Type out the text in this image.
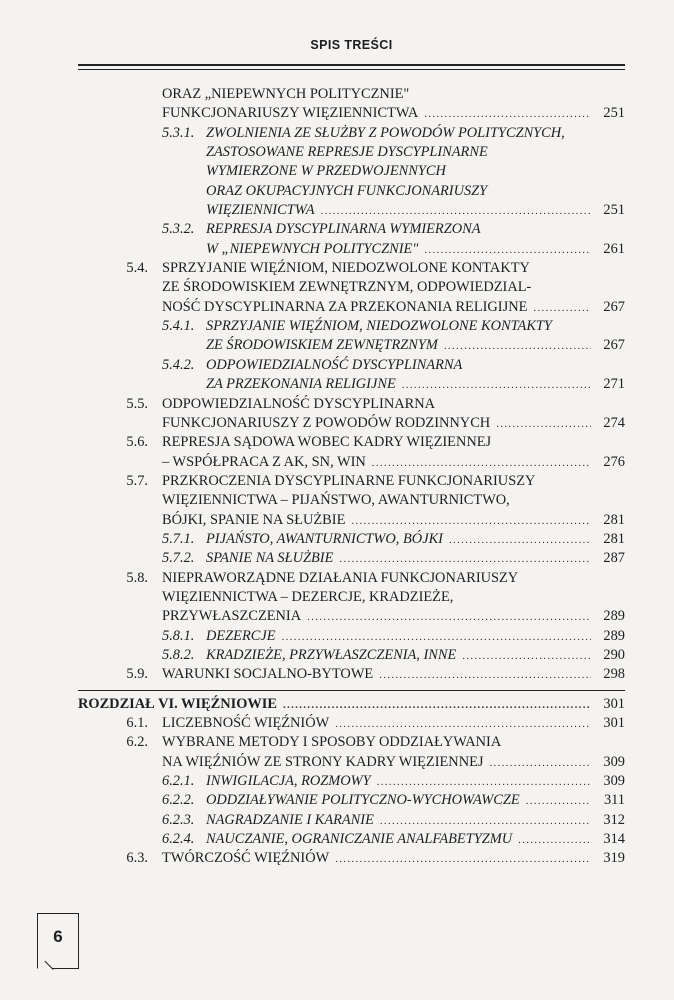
SPIS TREŚCI
ORAZ „NIEPEWNYCH POLITYCZNIE"
FUNKCJONARIUSZY WIĘZIENNICTWA .....	251
5.3.1. ZWOLNIENIA ZE SŁUŻBY Z POWODÓW POLITYCZNYCH,
ZASTOSOWANE REPRESJE DYSCYPLINARNE
WYMIERZONE W PRZEDWOJENNYCH
ORAZ OKUPACYJNYCH FUNKCJONARIUSZY
WIĘZIENNICTWA .....	251
5.3.2. REPRESJA DYSCYPLINARNA WYMIERZONA
W „NIEPEWNYCH POLITYCZNIE" .....	261
5.4. SPRZYJANIE WIĘŹNIOM, NIEDOZWOLONE KONTAKTY
ZE ŚRODOWISKIEM ZEWNĘTRZNYM, ODPOWIEDZIAL-
NOŚĆ DYSCYPLINARNA ZA PRZEKONANIA RELIGIJNE .....	267
5.4.1. SPRZYJANIE WIĘŹNIOM, NIEDOZWOLONE KONTAKTY
ZE ŚRODOWISKIEM ZEWNĘTRZNYM .....	267
5.4.2. ODPOWIEDZIALNOŚĆ DYSCYPLINARNA
ZA PRZEKONANIA RELIGIJNE .....	271
5.5. ODPOWIEDZIALNOŚĆ DYSCYPLINARNA
FUNKCJONARIUSZY Z POWODÓW RODZINNYCH .....	274
5.6. REPRESJA SĄDOWA WOBEC KADRY WIĘZIENNEJ
– WSPÓŁPRACA Z AK, SN, WIN .....	276
5.7. PRZKROCZENIA DYSCYPLINARNE FUNKCJONARIUSZY
WIĘZIENNICTWA – PIJAŃSTWO, AWANTURNICTWO,
BÓJKI, SPANIE NA SŁUŻBIE .....	281
5.7.1. PIJAŃSTO, AWANTURNICTWO, BÓJKI .....	281
5.7.2. SPANIE NA SŁUŻBIE .....	287
5.8. NIEPRAWORZĄDNE DZIAŁANIA FUNKCJONARIUSZY
WIĘZIENNICTWA – DEZERCJE, KRADZIEŻE,
PRZYWŁASZCZENIA .....	289
5.8.1. DEZERCJE .....	289
5.8.2. KRADZIEŻE, PRZYWŁASZCZENIA, INNE .....	290
5.9. WARUNKI SOCJALNO-BYTOWE .....	298
ROZDZIAŁ VI. WIĘŹNIOWIE .....	301
6.1. LICZEBNOŚĆ WIĘŹNIÓW .....	301
6.2. WYBRANE METODY I SPOSOBY ODDZIAŁYWANIA
NA WIĘŹNIÓW ZE STRONY KADRY WIĘZIENNEJ .....	309
6.2.1. INWIGILACJA, ROZMOWY .....	309
6.2.2. ODDZIAŁYWANIE POLITYCZNO-WYCHOWAWCZE .....	311
6.2.3. NAGRADZANIE I KARANIE .....	312
6.2.4. NAUCZANIE, OGRANICZANIE ANALFABETYZMU .....	314
6.3. TWÓRCZOŚĆ WIĘŹNIÓW .....	319
6
